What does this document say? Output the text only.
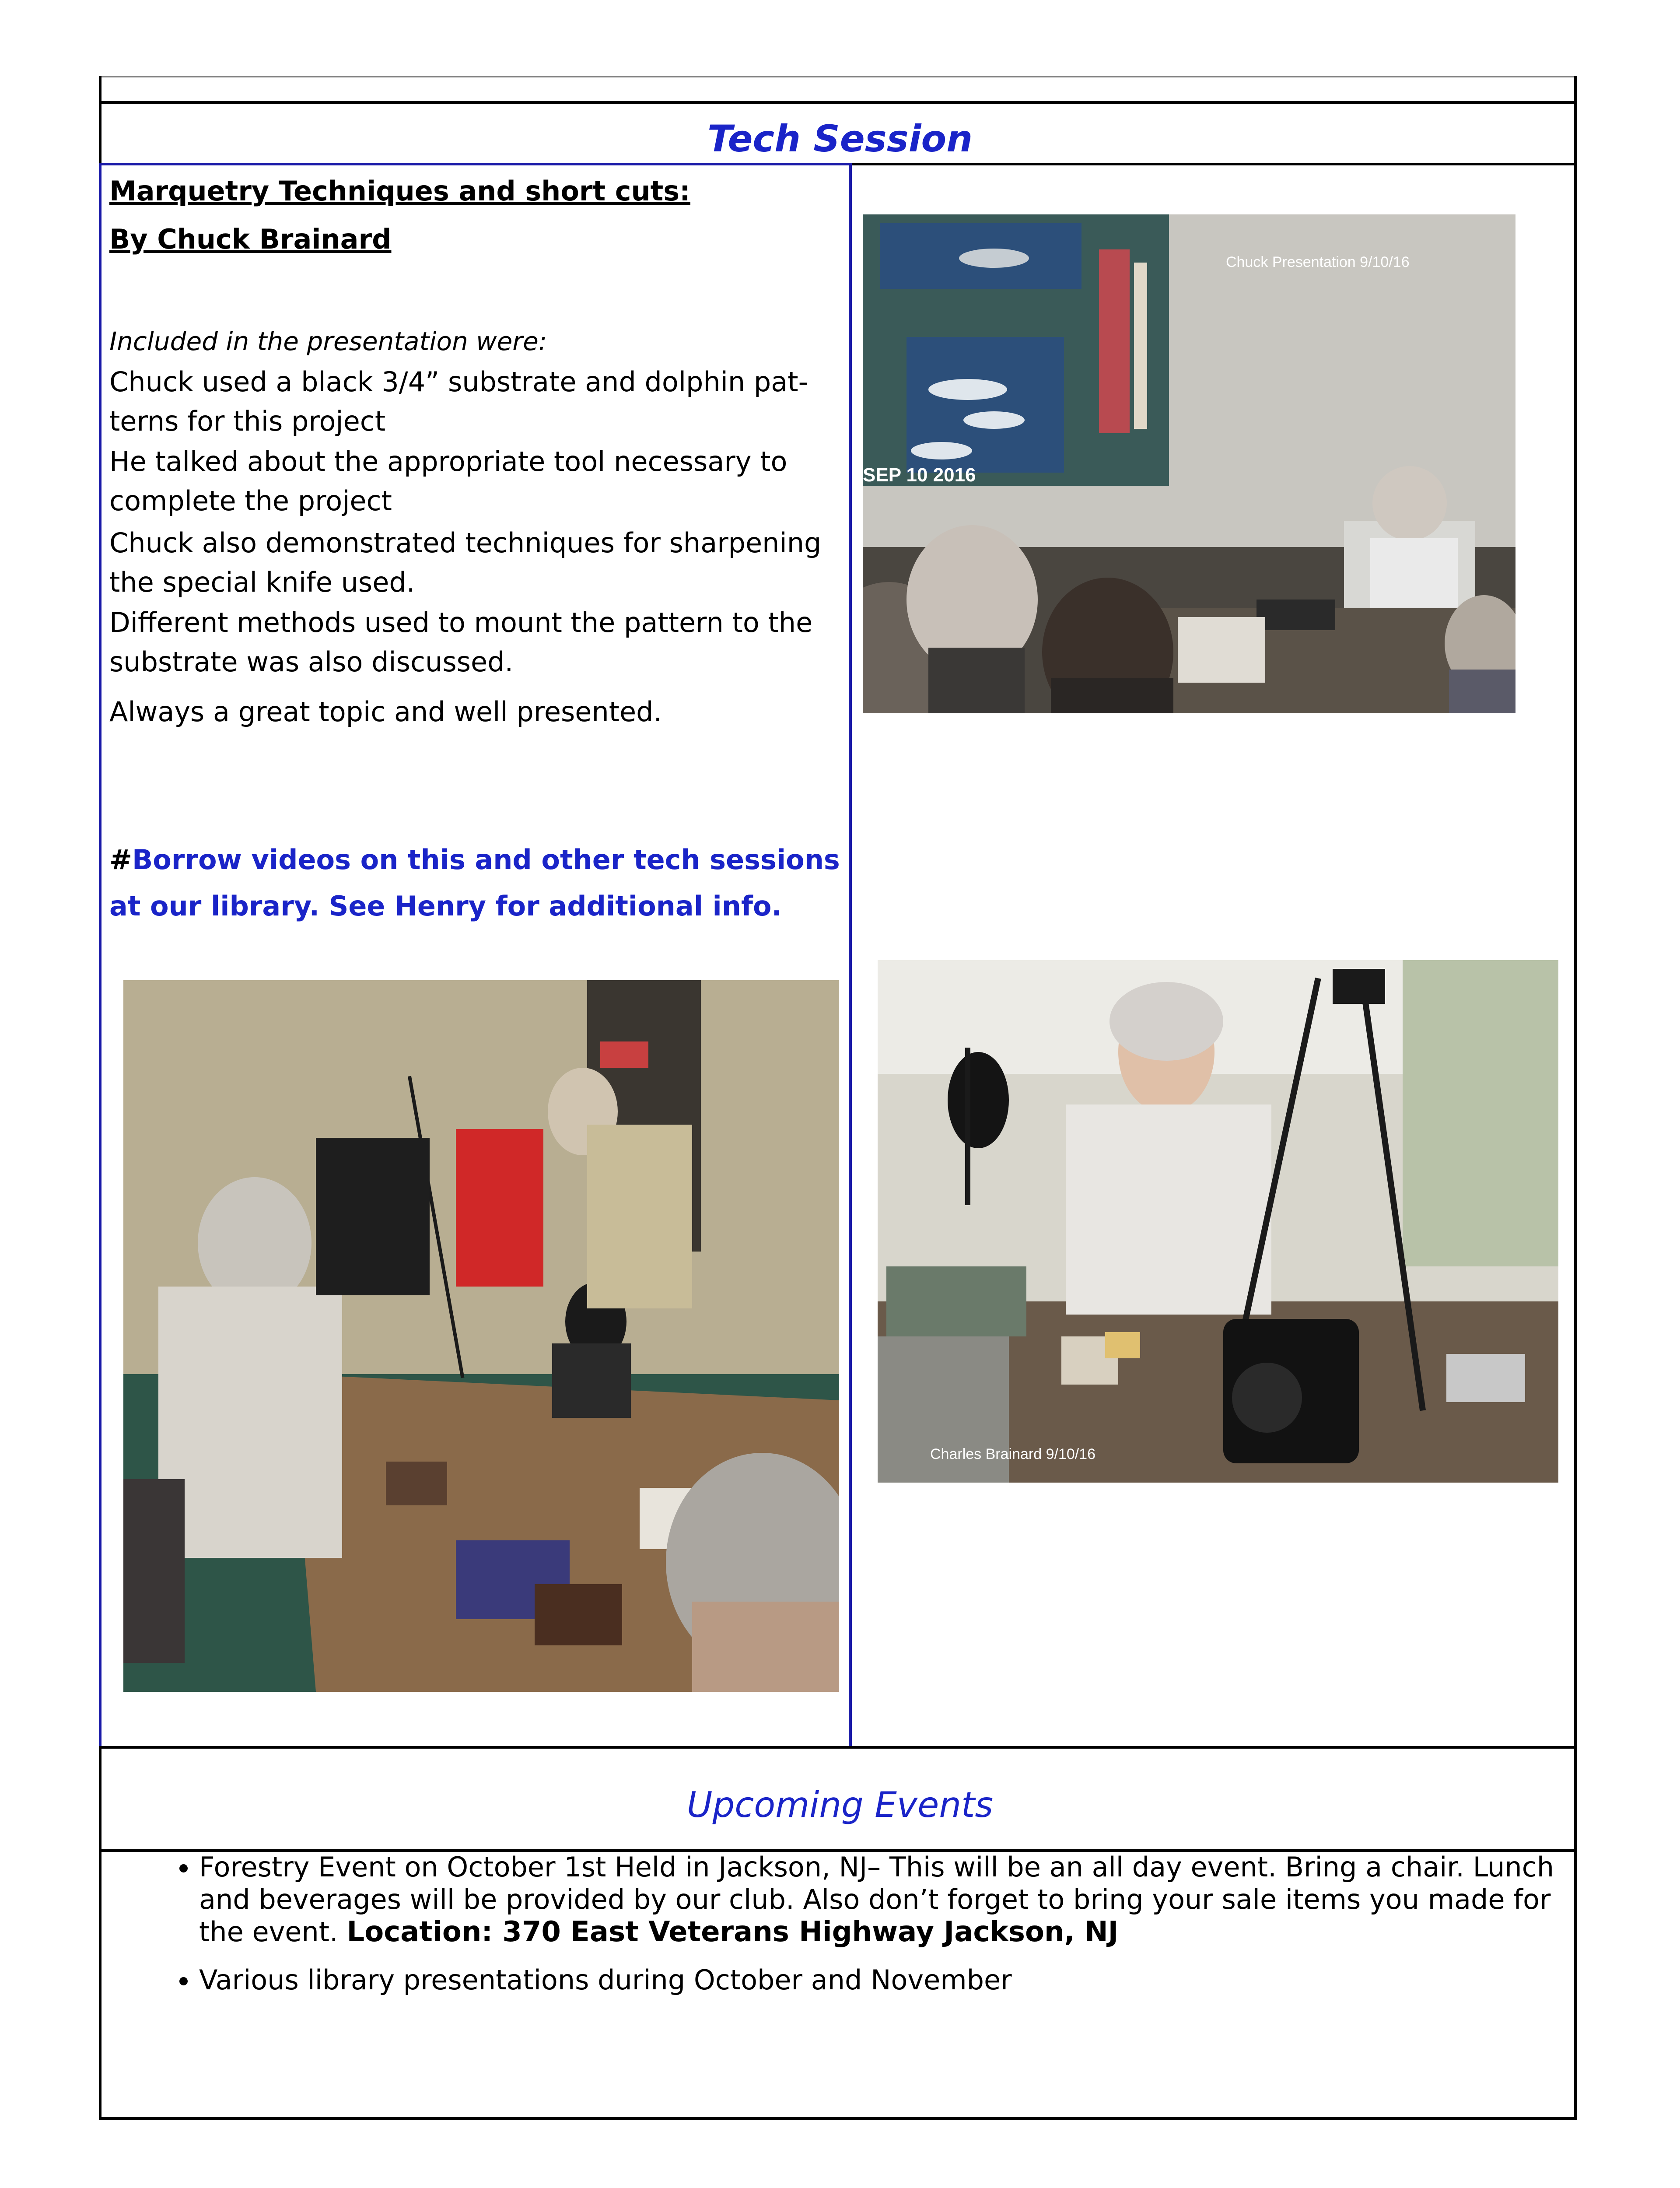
Tech Session
Marquetry Techniques and short cuts:
By Chuck Brainard
Included in the presentation were:
Chuck used a black 3/4” substrate and dolphin pat- terns for this project
He talked about the appropriate tool necessary to complete the project
Chuck also demonstrated techniques for sharpening the special knife used.
Different methods used to mount the pattern to the substrate was also discussed.
Always a great topic and well presented.
#Borrow videos on this and other tech sessions at our library. See Henry for additional info.
Chuck Presentation 9/10/16
SEP 10 2016
Charles Brainard 9/10/16
Upcoming Events
• Forestry Event on October 1st Held in Jackson, NJ– This will be an all day event. Bring a chair. Lunch and beverages will be provided by our club. Also don’t forget to bring your sale items you made for the event. Location: 370 East Veterans Highway Jackson, NJ
• Various library presentations during October and November
